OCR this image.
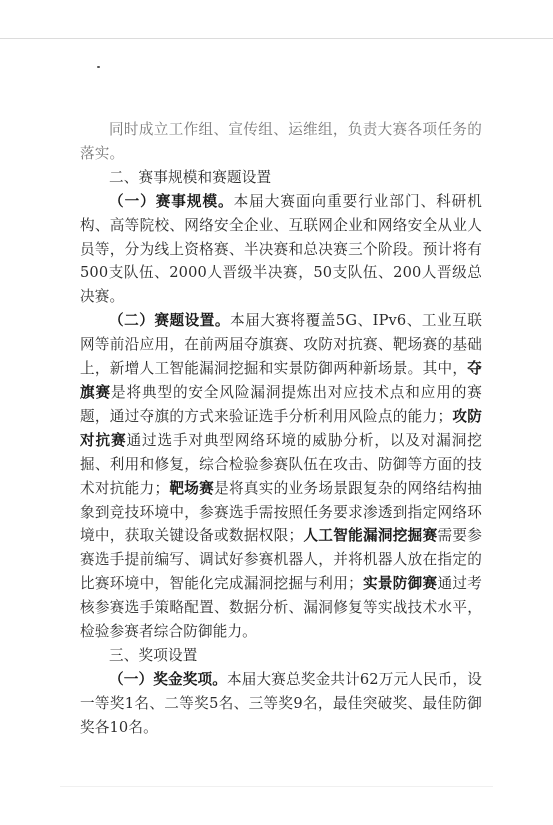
同时成立工作组、宣传组、运维组，负责大赛各项任务的落实。

二、赛事规模和赛题设置

（一）赛事规模。本届大赛面向重要行业部门、科研机构、高等院校、网络安全企业、互联网企业和网络安全从业人员等，分为线上资格赛、半决赛和总决赛三个阶段。预计将有500支队伍、2000人晋级半决赛，50支队伍、200人晋级总决赛。

（二）赛题设置。本届大赛将覆盖5G、IPv6、工业互联网等前沿应用，在前两届夺旗赛、攻防对抗赛、靶场赛的基础上，新增人工智能漏洞挖掘和实景防御两种新场景。其中，夺旗赛是将典型的安全风险漏洞提炼出对应技术点和应用的赛题，通过夺旗的方式来验证选手分析利用风险点的能力；攻防对抗赛通过选手对典型网络环境的威胁分析，以及对漏洞挖掘、利用和修复，综合检验参赛队伍在攻击、防御等方面的技术对抗能力；靶场赛是将真实的业务场景跟复杂的网络结构抽象到竞技环境中，参赛选手需按照任务要求渗透到指定网络环境中，获取关键设备或数据权限；人工智能漏洞挖掘赛需要参赛选手提前编写、调试好参赛机器人，并将机器人放在指定的比赛环境中，智能化完成漏洞挖掘与利用；实景防御赛通过考核参赛选手策略配置、数据分析、漏洞修复等实战技术水平，检验参赛者综合防御能力。

三、奖项设置

（一）奖金奖项。本届大赛总奖金共计62万元人民币，设一等奖1名、二等奖5名、三等奖9名，最佳突破奖、最佳防御奖各10名。
